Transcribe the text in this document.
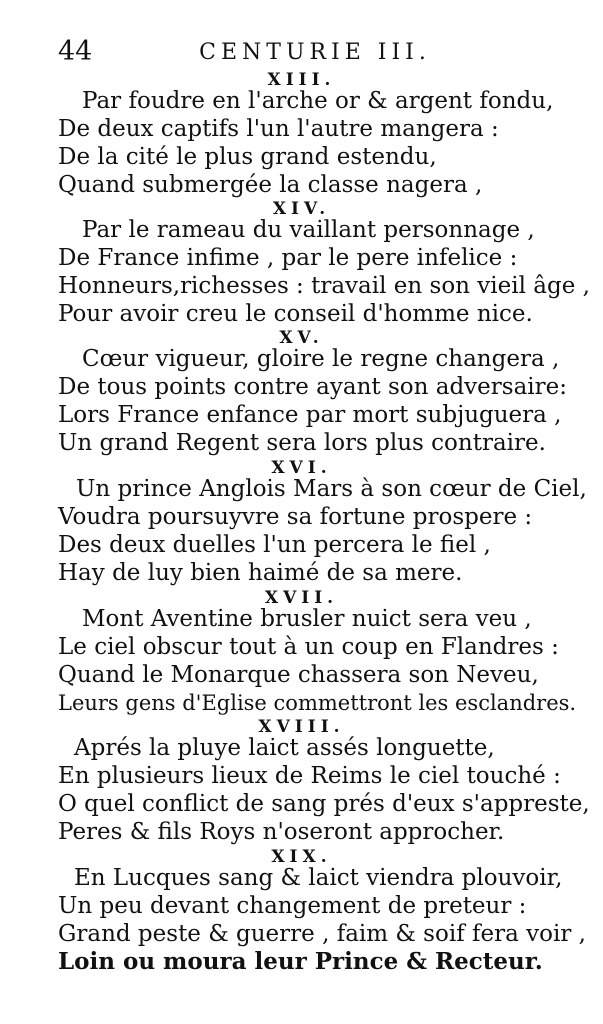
44	CENTURIE III.
XIII.
Par foudre en l'arche or & argent fondu,
De deux captifs l'un l'autre mangera :
De la cité le plus grand estendu,
Quand submergée la classe nagera ,
XIV.
Par le rameau du vaillant personnage ,
De France infime , par le pere infelice :
Honneurs,richesses : travail en son vieil âge ,
Pour avoir creu le conseil d'homme nice.
XV.
Cœur vigueur, gloire le regne changera ,
De tous points contre ayant son adversaire:
Lors France enfance par mort subjuguera ,
Un grand Regent sera lors plus contraire.
XVI.
Un prince Anglois Mars à son cœur de Ciel,
Voudra poursuyvre sa fortune prospere :
Des deux duelles l'un percera le fiel ,
Hay de luy bien haimé de sa mere.
XVII.
Mont Aventine brusler nuict sera veu ,
Le ciel obscur tout à un coup en Flandres :
Quand le Monarque chassera son Neveu,
Leurs gens d'Eglise commettront les esclandres.
XVIII.
Aprés la pluye laict assés longuette,
En plusieurs lieux de Reims le ciel touché :
O quel conflict de sang prés d'eux s'appreste,
Peres & fils Roys n'oseront approcher.
XIX.
En Lucques sang & laict viendra plouvoir,
Un peu devant changement de preteur :
Grand peste & guerre , faim & soif fera voir ,
Loin ou moura leur Prince & Recteur.
